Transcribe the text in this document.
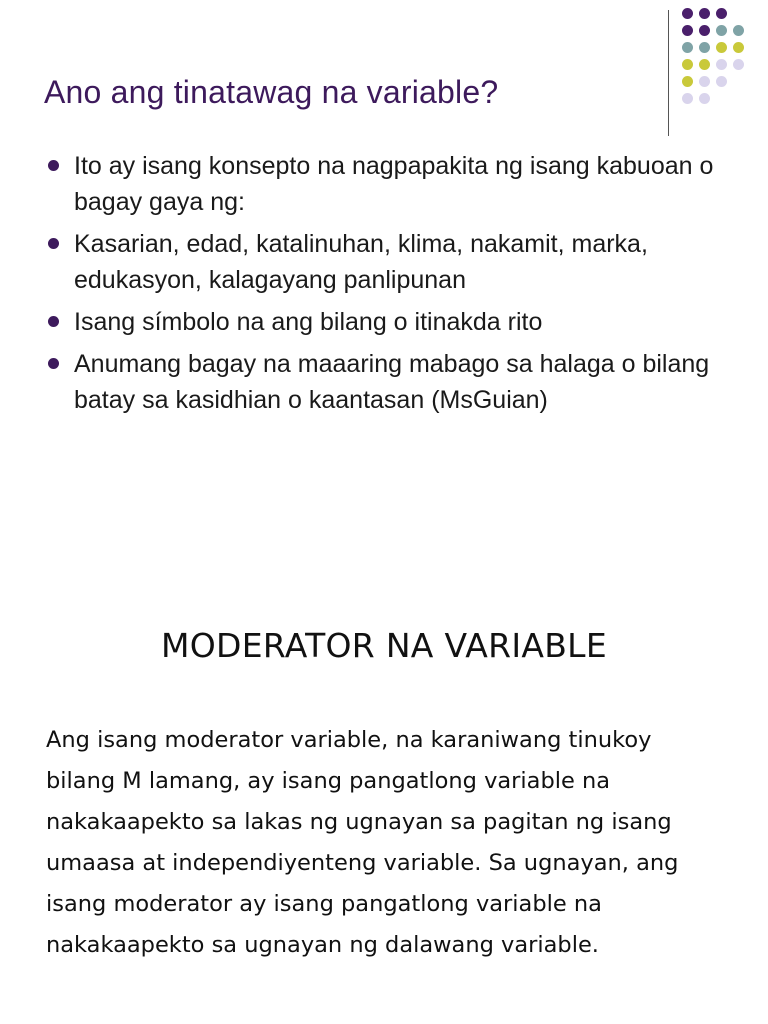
Ano ang tinatawag na variable?
Ito ay isang konsepto na nagpapakita ng isang kabuoan o bagay gaya ng:
Kasarian, edad, katalinuhan, klima, nakamit, marka, edukasyon, kalagayang panlipunan
Isang símbolo na ang bilang o itinakda rito
Anumang bagay na maaaring mabago sa halaga o bilang batay sa kasidhian o kaantasan (MsGuian)
MODERATOR NA VARIABLE

Ang isang moderator variable, na karaniwang tinukoy bilang M lamang, ay isang pangatlong variable na nakakaapekto sa lakas ng ugnayan sa pagitan ng isang umaasa at independiyenteng variable. Sa ugnayan, ang isang moderator ay isang pangatlong variable na nakakaapekto sa ugnayan ng dalawang variable.
